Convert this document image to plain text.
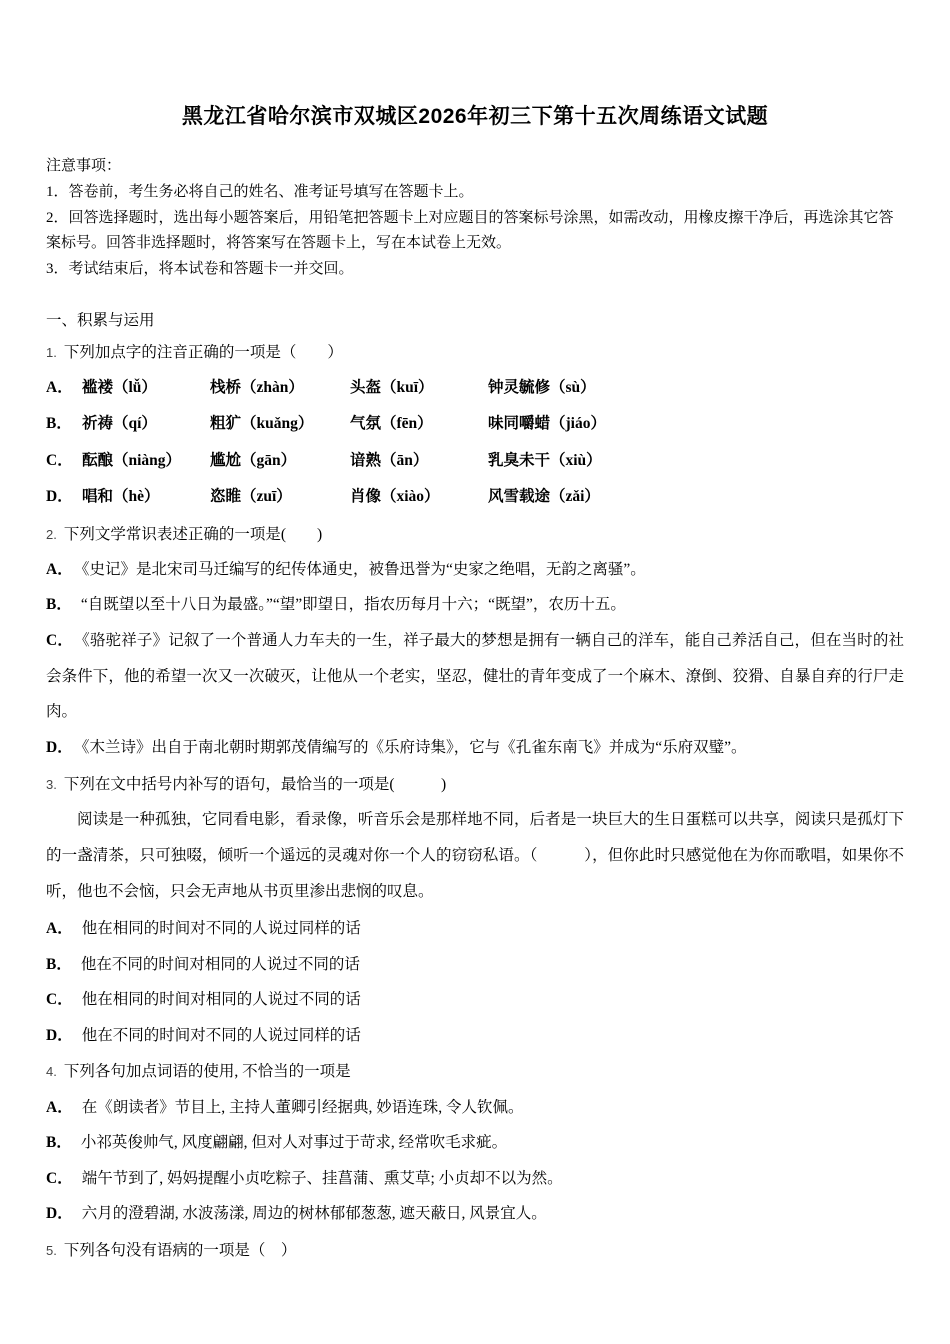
黑龙江省哈尔滨市双城区2026年初三下第十五次周练语文试题
注意事项：
1．答卷前，考生务必将自己的姓名、准考证号填写在答题卡上。
2．回答选择题时，选出每小题答案后，用铅笔把答题卡上对应题目的答案标号涂黑，如需改动，用橡皮擦干净后，再选涂其它答案标号。回答非选择题时，将答案写在答题卡上，写在本试卷上无效。
3．考试结束后，将本试卷和答题卡一并交回。
一、积累与运用
1. 下列加点字的注音正确的一项是（　　）
A． 褴褛（lǚ）	栈桥（zhàn）	头盔（kuī）	钟灵毓修（sù）
B． 祈祷（qí）	粗犷（kuǎng）	气氛（fēn）	味同嚼蜡（jiáo）
C． 酝酿（niàng）	尴尬（gān）	谙熟（ān）	乳臭未干（xiù）
D． 唱和（hè）	恣睢（zuī）	肖像（xiào）	风雪载途（zǎi）
2. 下列文学常识表述正确的一项是(　　)
A． 《史记》是北宋司马迁编写的纪传体通史，被鲁迅誉为“史家之绝唱，无韵之离骚”。
B． “自既望以至十八日为最盛。”“望”即望日，指农历每月十六；“既望”，农历十五。
C． 《骆驼祥子》记叙了一个普通人力车夫的一生，祥子最大的梦想是拥有一辆自己的洋车，能自己养活自己，但在当时的社会条件下，他的希望一次又一次破灭，让他从一个老实，坚忍，健壮的青年变成了一个麻木、潦倒、狡猾、自暴自弃的行尸走肉。
D． 《木兰诗》出自于南北朝时期郭茂倩编写的《乐府诗集》，它与《孔雀东南飞》并成为“乐府双璧”。
3. 下列在文中括号内补写的语句，最恰当的一项是(　　　)
阅读是一种孤独，它同看电影，看录像，听音乐会是那样地不同，后者是一块巨大的生日蛋糕可以共享，阅读只是孤灯下的一盏清茶，只可独啜，倾听一个遥远的灵魂对你一个人的窃窃私语。（　　　），但你此时只感觉他在为你而歌唱，如果你不听，他也不会恼，只会无声地从书页里渗出悲悯的叹息。
A． 他在相同的时间对不同的人说过同样的话
B． 他在不同的时间对相同的人说过不同的话
C． 他在相同的时间对相同的人说过不同的话
D． 他在不同的时间对不同的人说过同样的话
4. 下列各句加点词语的使用, 不恰当的一项是
A． 在《朗读者》节目上, 主持人董卿引经据典, 妙语连珠, 令人钦佩。
B． 小祁英俊帅气, 风度翩翩, 但对人对事过于苛求, 经常吹毛求疵。
C． 端午节到了, 妈妈提醒小贞吃粽子、挂菖蒲、熏艾草; 小贞却不以为然。
D． 六月的澄碧湖, 水波荡漾, 周边的树林郁郁葱葱, 遮天蔽日, 风景宜人。
5. 下列各句没有语病的一项是（　）
